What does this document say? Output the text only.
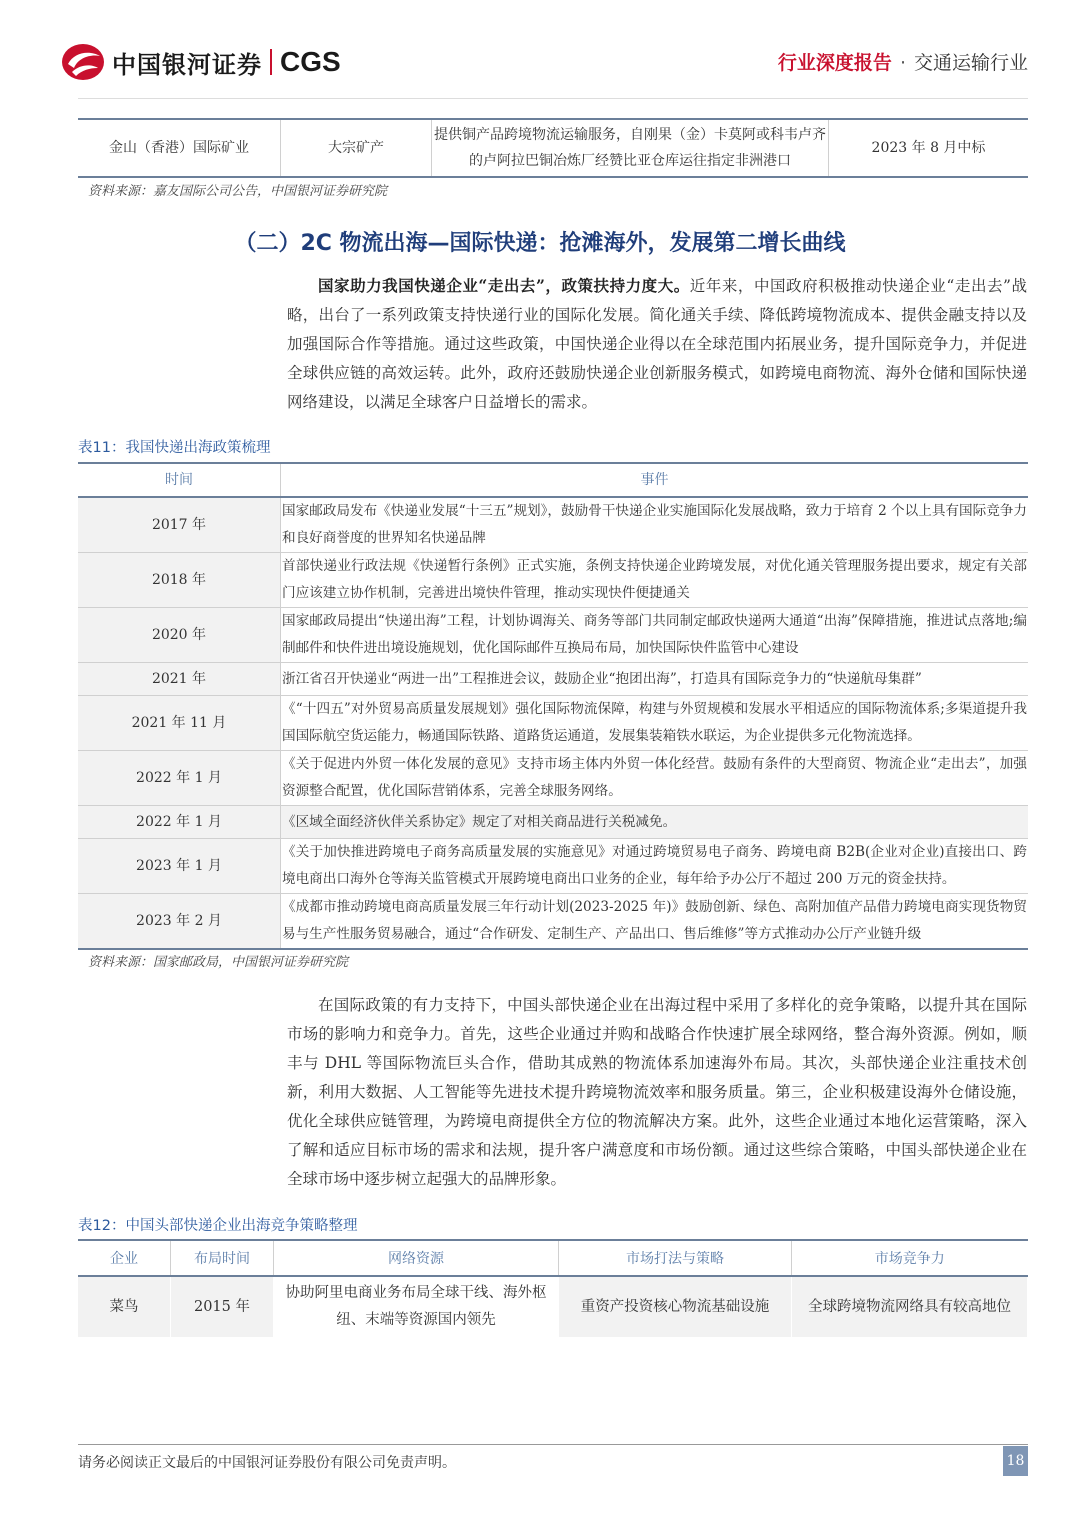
中国银河证券 CGS	行业深度报告 · 交通运输行业
金山（香港）国际矿业	大宗矿产	提供铜产品跨境物流运输服务，自刚果（金）卡莫阿或科韦卢齐的卢阿拉巴铜冶炼厂经赞比亚仓库运往指定非洲港口	2023 年 8 月中标
资料来源：嘉友国际公司公告，中国银河证券研究院
（二）2C 物流出海—国际快递：抢滩海外，发展第二增长曲线

国家助力我国快递企业“走出去”，政策扶持力度大。近年来，中国政府积极推动快递企业“走出去”战略，出台了一系列政策支持快递行业的国际化发展。简化通关手续、降低跨境物流成本、提供金融支持以及加强国际合作等措施。通过这些政策，中国快递企业得以在全球范围内拓展业务，提升国际竞争力，并促进全球供应链的高效运转。此外，政府还鼓励快递企业创新服务模式，如跨境电商物流、海外仓储和国际快递网络建设，以满足全球客户日益增长的需求。

表11：我国快递出海政策梳理
时间	事件
2017 年	国家邮政局发布《快递业发展“十三五”规划》，鼓励骨干快递企业实施国际化发展战略，致力于培育 2 个以上具有国际竞争力和良好商誉度的世界知名快递品牌
2018 年	首部快递业行政法规《快递暂行条例》正式实施，条例支持快递企业跨境发展，对优化通关管理服务提出要求，规定有关部门应该建立协作机制，完善进出境快件管理，推动实现快件便捷通关
2020 年	国家邮政局提出“快递出海”工程，计划协调海关、商务等部门共同制定邮政快递两大通道“出海”保障措施，推进试点落地;编制邮件和快件进出境设施规划，优化国际邮件互换局布局，加快国际快件监管中心建设
2021 年	浙江省召开快递业“两进一出”工程推进会议，鼓励企业“抱团出海”，打造具有国际竞争力的“快递航母集群”
2021 年 11 月	《“十四五”对外贸易高质量发展规划》强化国际物流保障，构建与外贸规模和发展水平相适应的国际物流体系;多渠道提升我国国际航空货运能力，畅通国际铁路、道路货运通道，发展集装箱铁水联运，为企业提供多元化物流选择。
2022 年 1 月	《关于促进内外贸一体化发展的意见》支持市场主体内外贸一体化经营。鼓励有条件的大型商贸、物流企业“走出去”，加强资源整合配置，优化国际营销体系，完善全球服务网络。
2022 年 1 月	《区域全面经济伙伴关系协定》规定了对相关商品进行关税减免。
2023 年 1 月	《关于加快推进跨境电子商务高质量发展的实施意见》对通过跨境贸易电子商务、跨境电商 B2B(企业对企业)直接出口、跨境电商出口海外仓等海关监管模式开展跨境电商出口业务的企业，每年给予办公厅不超过 200 万元的资金扶持。
2023 年 2 月	《成都市推动跨境电商高质量发展三年行动计划(2023-2025 年)》鼓励创新、绿色、高附加值产品借力跨境电商实现货物贸易与生产性服务贸易融合，通过“合作研发、定制生产、产品出口、售后维修”等方式推动办公厅产业链升级
资料来源：国家邮政局，中国银河证券研究院

在国际政策的有力支持下，中国头部快递企业在出海过程中采用了多样化的竞争策略，以提升其在国际市场的影响力和竞争力。首先，这些企业通过并购和战略合作快速扩展全球网络，整合海外资源。例如，顺丰与 DHL 等国际物流巨头合作，借助其成熟的物流体系加速海外布局。其次，头部快递企业注重技术创新，利用大数据、人工智能等先进技术提升跨境物流效率和服务质量。第三，企业积极建设海外仓储设施，优化全球供应链管理，为跨境电商提供全方位的物流解决方案。此外，这些企业通过本地化运营策略，深入了解和适应目标市场的需求和法规，提升客户满意度和市场份额。通过这些综合策略，中国头部快递企业在全球市场中逐步树立起强大的品牌形象。

表12：中国头部快递企业出海竞争策略整理
企业	布局时间	网络资源	市场打法与策略	市场竞争力
菜鸟	2015 年	协助阿里电商业务布局全球干线、海外枢纽、末端等资源国内领先	重资产投资核心物流基础设施	全球跨境物流网络具有较高地位
请务必阅读正文最后的中国银河证券股份有限公司免责声明。	18
